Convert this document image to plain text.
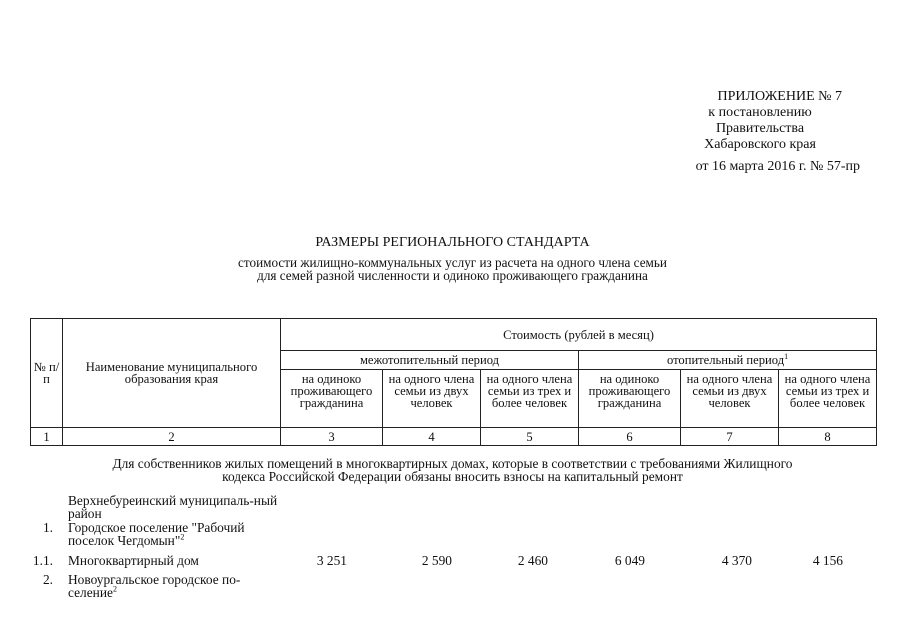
ПРИЛОЖЕНИЕ № 7
к постановлению
Правительства
Хабаровского края
от 16 марта 2016 г. № 57-пр
РАЗМЕРЫ РЕГИОНАЛЬНОГО СТАНДАРТА
стоимости жилищно-коммунальных услуг из расчета на одного члена семьи
для семей разной численности и одиноко проживающего гражданина
№ п/п	Наименование муниципального образования края	Стоимость (рублей в месяц)					
		межотопительный период			отопительный период$^1$
		на одиноко проживающего гражданина	на одного члена семьи из двух человек	на одного члена семьи из трех и более человек	на одиноко проживающего гражданина	на одного члена семьи из двух человек	на одного члена семьи из трех и более человек
1	2	3	4	5	6	7	8
Для собственников жилых помещений в многоквартирных домах, которые в соответствии с требованиями Жилищного кодекса Российской Федерации обязаны вносить взносы на капитальный ремонт
Верхнебуреинский муниципаль-ный район
1. Городское поселение "Рабочий поселок Чегдомын"$^2$
1.1. Многоквартирный дом	3 251	2 590	2 460	6 049	4 370	4 156
2. Новоургальское городское по-селение$^2$
